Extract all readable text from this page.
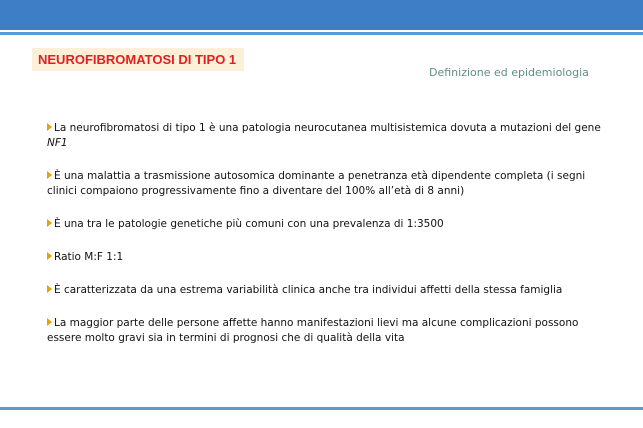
NEUROFIBROMATOSI DI TIPO 1
Definizione ed epidemiologia
La neurofibromatosi di tipo 1 è una patologia neurocutanea multisistemica dovuta a mutazioni del gene NF1
È una malattia a trasmissione autosomica dominante a penetranza età dipendente completa (i segni clinici compaiono progressivamente fino a diventare del 100% all’età di 8 anni)
È una tra le patologie genetiche più comuni con una prevalenza di 1:3500
Ratio M:F 1:1
È caratterizzata da una estrema variabilità clinica anche tra individui affetti della stessa famiglia
La maggior parte delle persone affette hanno manifestazioni lievi ma alcune complicazioni possono essere molto gravi sia in termini di prognosi che di qualità della vita
